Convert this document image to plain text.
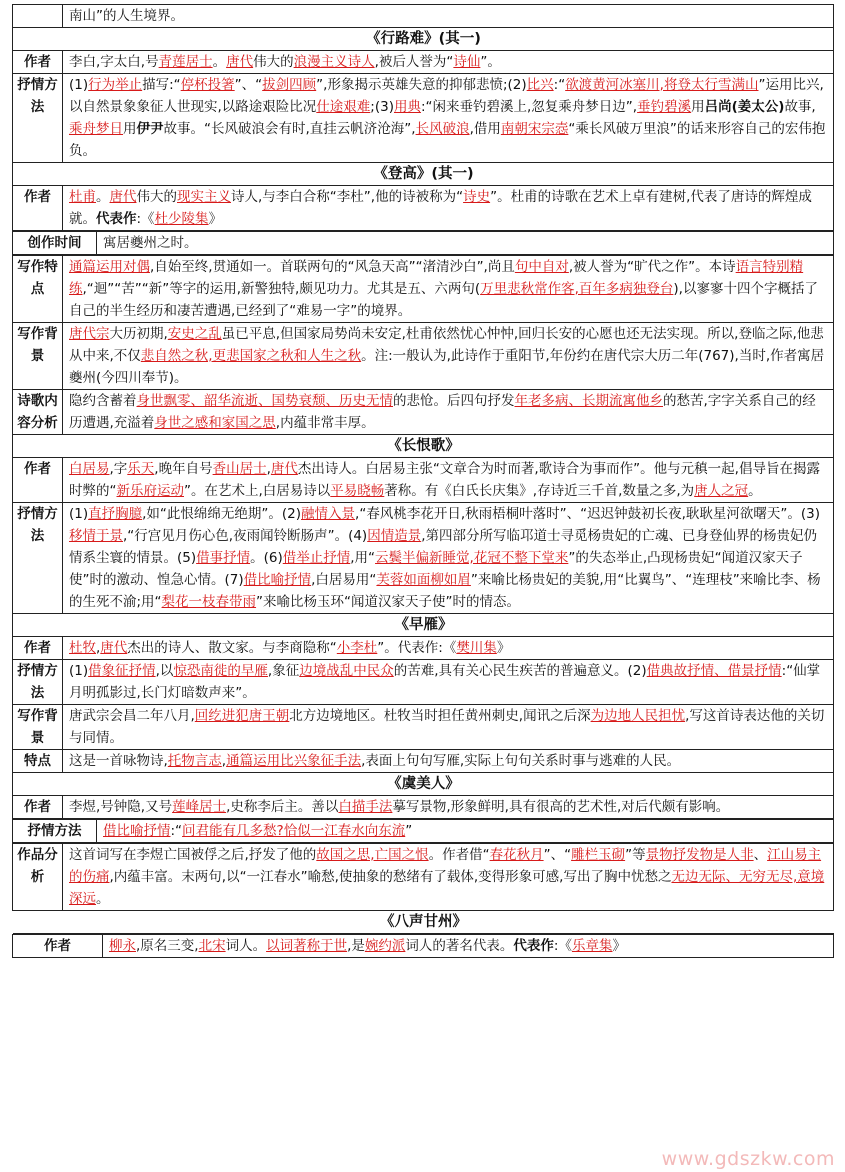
	南山”的人生境界。
《行路难》(其一)	
作者	李白,字太白,号青莲居士。唐代伟大的浪漫主义诗人,被后人誉为“诗仙”。
抒情方法	(1)行为举止描写:“停杯投箸”、“拔剑四顾”,形象揭示英雄失意的抑郁悲愤;(2)比兴:“欲渡黄河冰塞川,将登太行雪满山”运用比兴,以自然景象象征人世现实,以路途艰险比况仕途艰难;(3)用典:“闲来垂钓碧溪上,忽复乘舟梦日边”,垂钓碧溪用吕尚(姜太公)故事,乘舟梦日用伊尹故事。“长风破浪会有时,直挂云帆济沧海”,长风破浪,借用南朝宋宗悫“乘长风破万里浪”的话来形容自己的宏伟抱负。
《登高》(其一)	
作者	杜甫。唐代伟大的现实主义诗人,与李白合称“李杜”,他的诗被称为“诗史”。杜甫的诗歌在艺术上卓有建树,代表了唐诗的辉煌成就。代表作:《杜少陵集》
创作时间	寓居夔州之时。
写作特点	通篇运用对偶,自始至终,贯通如一。首联两句的“风急天高”“渚清沙白”,尚且句中自对,被人誉为“旷代之作”。本诗语言特别精练,“迴”“苦”“新”等字的运用,新警独特,颇见功力。尤其是五、六两句(万里悲秋常作客,百年多病独登台),以寥寥十四个字概括了自己的半生经历和凄苦遭遇,已经到了“难易一字”的境界。
写作背景	唐代宗大历初期,安史之乱虽已平息,但国家局势尚未安定,杜甫依然忧心忡忡,回归长安的心愿也还无法实现。所以,登临之际,他悲从中来,不仅悲自然之秋,更悲国家之秋和人生之秋。注:一般认为,此诗作于重阳节,年份约在唐代宗大历二年(767),当时,作者寓居夔州(今四川奉节)。
诗歌内容分析	隐约含蓄着身世飘零、韶华流逝、国势衰颓、历史无情的悲怆。后四句抒发年老多病、长期流寓他乡的愁苦,字字关系自己的经历遭遇,充溢着身世之感和家国之思,内蕴非常丰厚。
《长恨歌》	
作者	白居易,字乐天,晚年自号香山居士,唐代杰出诗人。白居易主张“文章合为时而著,歌诗合为事而作”。他与元稹一起,倡导旨在揭露时弊的“新乐府运动”。在艺术上,白居易诗以平易晓畅著称。有《白氏长庆集》,存诗近三千首,数量之多,为唐人之冠。
抒情方法	(1)直抒胸臆,如“此恨绵绵无绝期”。(2)融情入景,“春风桃李花开日,秋雨梧桐叶落时”、“迟迟钟鼓初长夜,耿耿星河欲曙天”。(3)移情于景,“行宫见月伤心色,夜雨闻铃断肠声”。(4)因情造景,第四部分所写临邛道士寻觅杨贵妃的亡魂、已身登仙界的杨贵妃仍情系尘寰的情景。(5)借事抒情。(6)借举止抒情,用“云鬓半偏新睡觉,花冠不整下堂来”的失态举止,凸现杨贵妃“闻道汉家天子使”时的激动、惶急心情。(7)借比喻抒情,白居易用“芙蓉如面柳如眉”来喻比杨贵妃的美貌,用“比翼鸟”、“连理枝”来喻比李、杨的生死不渝;用“梨花一枝春带雨”来喻比杨玉环“闻道汉家天子使”时的情态。
《早雁》	
作者	杜牧,唐代杰出的诗人、散文家。与李商隐称“小李杜”。代表作:《樊川集》
抒情方法	(1)借象征抒情,以惊恐南徙的早雁,象征边境战乱中民众的苦难,具有关心民生疾苦的普遍意义。(2)借典故抒情、借景抒情:“仙掌月明孤影过,长门灯暗数声来”。
写作背景	唐武宗会昌二年八月,回纥进犯唐王朝北方边境地区。杜牧当时担任黄州刺史,闻讯之后深为边地人民担忧,写这首诗表达他的关切与同情。
特点	这是一首咏物诗,托物言志,通篇运用比兴象征手法,表面上句句写雁,实际上句句关系时事与逃难的人民。
《虞美人》	
作者	李煜,号钟隐,又号莲峰居士,史称李后主。善以白描手法摹写景物,形象鲜明,具有很高的艺术性,对后代颇有影响。
抒情方法	借比喻抒情:“问君能有几多愁?恰似一江春水向东流”
作品分析	这首词写在李煜亡国被俘之后,抒发了他的故国之思,亡国之恨。作者借“春花秋月”、“雕栏玉砌”等景物抒发物是人非、江山易主的伤痛,内蕴丰富。末两句,以“一江春水”喻愁,使抽象的愁绪有了载体,变得形象可感,写出了胸中忧愁之无边无际、无穷无尽,意境深远。
《八声甘州》
作者	柳永,原名三变,北宋词人。以词著称于世,是婉约派词人的著名代表。代表作:《乐章集》
www.gdszkw.com
